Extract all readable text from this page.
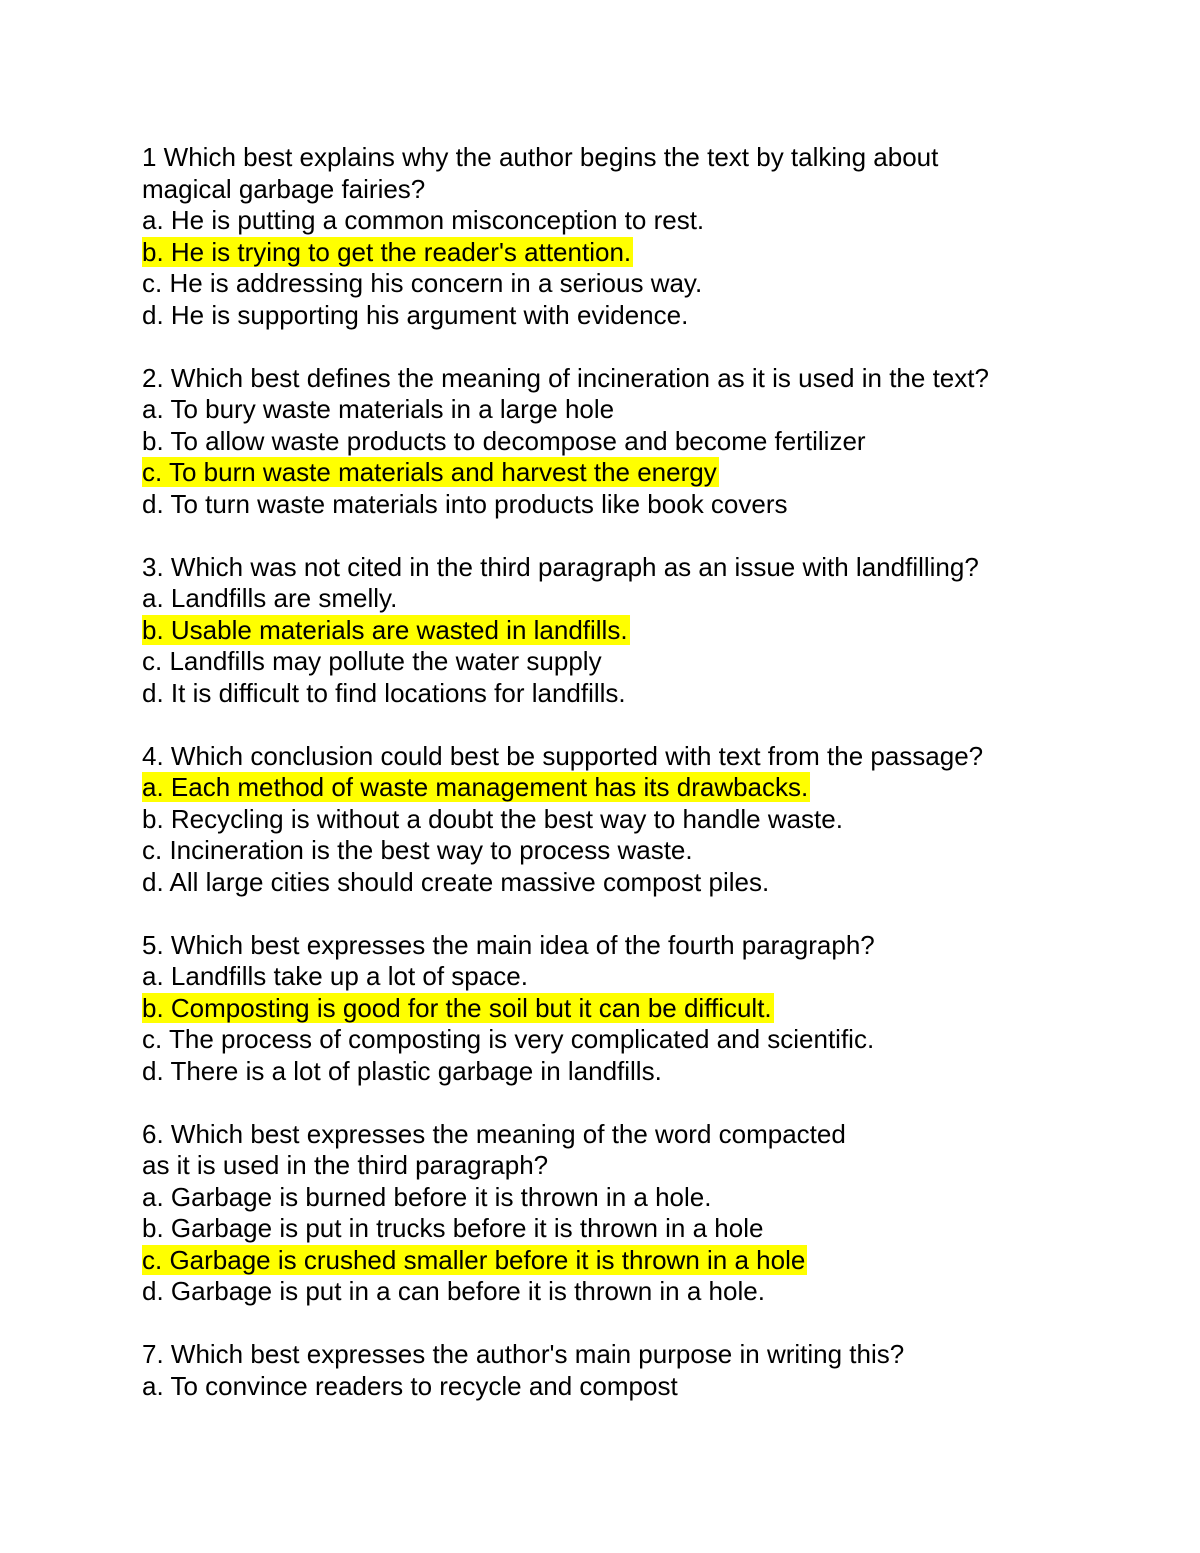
1 Which best explains why the author begins the text by talking about
magical garbage fairies?
a. He is putting a common misconception to rest.
b. He is trying to get the reader's attention.
c. He is addressing his concern in a serious way.
d. He is supporting his argument with evidence.
2. Which best defines the meaning of incineration as it is used in the text?
a. To bury waste materials in a large hole
b. To allow waste products to decompose and become fertilizer
c. To burn waste materials and harvest the energy
d. To turn waste materials into products like book covers
3. Which was not cited in the third paragraph as an issue with landfilling?
a. Landfills are smelly.
b. Usable materials are wasted in landfills.
c. Landfills may pollute the water supply
d. It is difficult to find locations for landfills.
4. Which conclusion could best be supported with text from the passage?
a. Each method of waste management has its drawbacks.
b. Recycling is without a doubt the best way to handle waste.
c. Incineration is the best way to process waste.
d. All large cities should create massive compost piles.
5. Which best expresses the main idea of the fourth paragraph?
a. Landfills take up a lot of space.
b. Composting is good for the soil but it can be difficult.
c. The process of composting is very complicated and scientific.
d. There is a lot of plastic garbage in landfills.
6. Which best expresses the meaning of the word compacted
as it is used in the third paragraph?
a. Garbage is burned before it is thrown in a hole.
b. Garbage is put in trucks before it is thrown in a hole
c. Garbage is crushed smaller before it is thrown in a hole
d. Garbage is put in a can before it is thrown in a hole.
7. Which best expresses the author's main purpose in writing this?
a. To convince readers to recycle and compost
